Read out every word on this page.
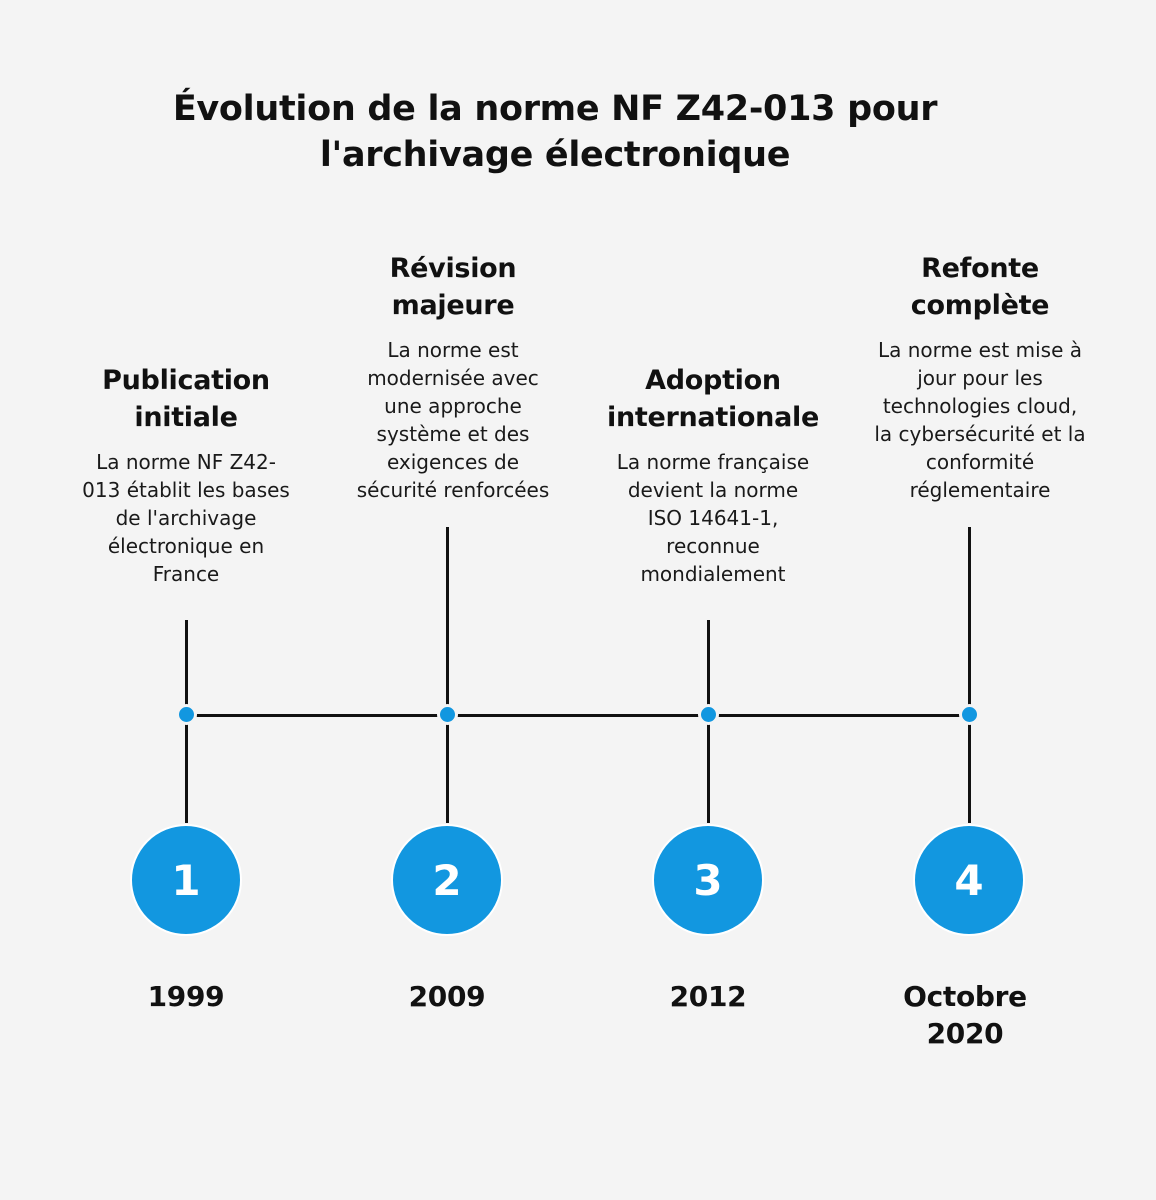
Évolution de la norme NF Z42-013 pour
l'archivage électronique
Publication
initiale
La norme NF Z42-
013 établit les bases
de l'archivage
électronique en
France
Révision
majeure
La norme est
modernisée avec
une approche
système et des
exigences de
sécurité renforcées
Adoption
internationale
La norme française
devient la norme
ISO 14641-1,
reconnue
mondialement
Refonte
complète
La norme est mise à
jour pour les
technologies cloud,
la cybersécurité et la
conformité
réglementaire
1	2	3	4
1999	2009	2012	Octobre
2020
